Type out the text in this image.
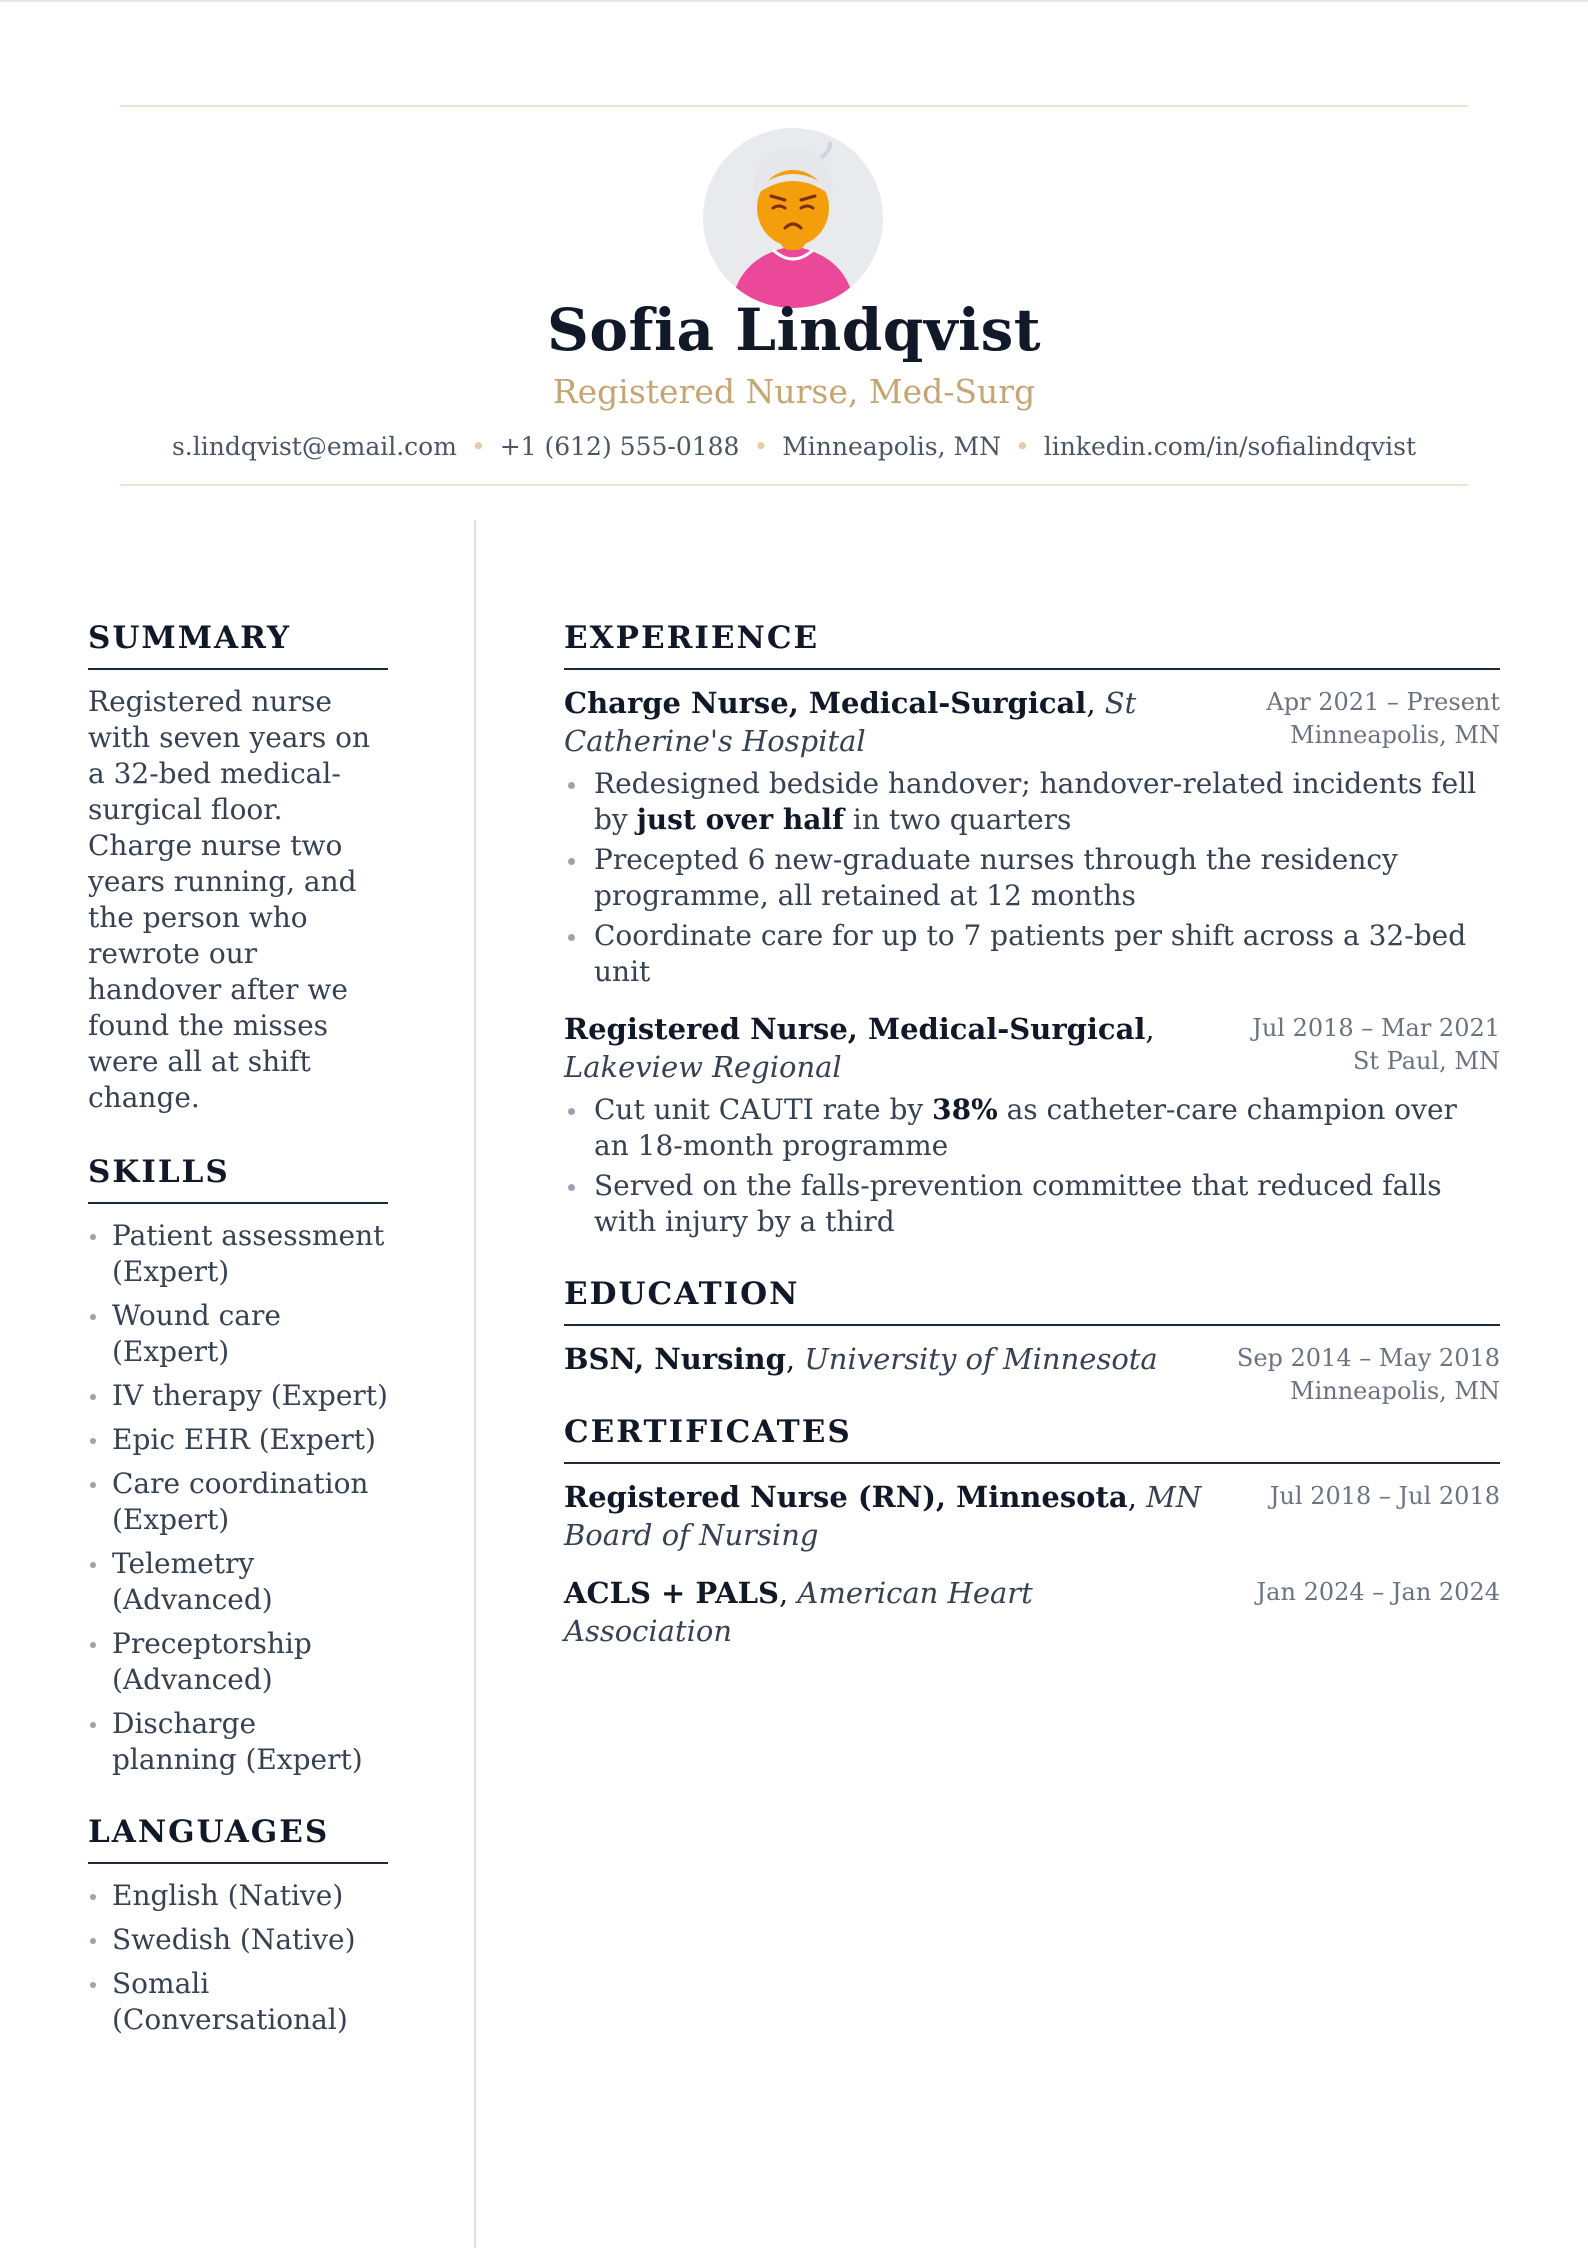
Sofia Lindqvist
Registered Nurse, Med-Surg
s.lindqvist@email.com • +1 (612) 555-0188 • Minneapolis, MN • linkedin.com/in/sofialindqvist
SUMMARY

Registered nurse with seven years on a 32-bed medical-surgical floor. Charge nurse two years running, and the person who rewrote our handover after we found the misses were all at shift change.

SKILLS
Patient assessment (Expert)
Wound care (Expert)
IV therapy (Expert)
Epic EHR (Expert)
Care coordination (Expert)
Telemetry (Advanced)
Preceptorship (Advanced)
Discharge planning (Expert)
LANGUAGES
English (Native)
Swedish (Native)
Somali (Conversational)
EXPERIENCE
Charge Nurse, Medical-Surgical, St Catherine's Hospital
Apr 2021 – Present
Minneapolis, MN
Redesigned bedside handover; handover-related incidents fell by just over half in two quarters
Precepted 6 new-graduate nurses through the residency programme, all retained at 12 months
Coordinate care for up to 7 patients per shift across a 32-bed unit
Registered Nurse, Medical-Surgical, Lakeview Regional
Jul 2018 – Mar 2021
St Paul, MN
Cut unit CAUTI rate by 38% as catheter-care champion over an 18-month programme
Served on the falls-prevention committee that reduced falls with injury by a third
EDUCATION
BSN, Nursing, University of Minnesota	Sep 2014 – May 2018
Minneapolis, MN
CERTIFICATES
Registered Nurse (RN), Minnesota, MN Board of Nursing
Jul 2018 – Jul 2018
ACLS + PALS, American Heart Association
Jan 2024 – Jan 2024
